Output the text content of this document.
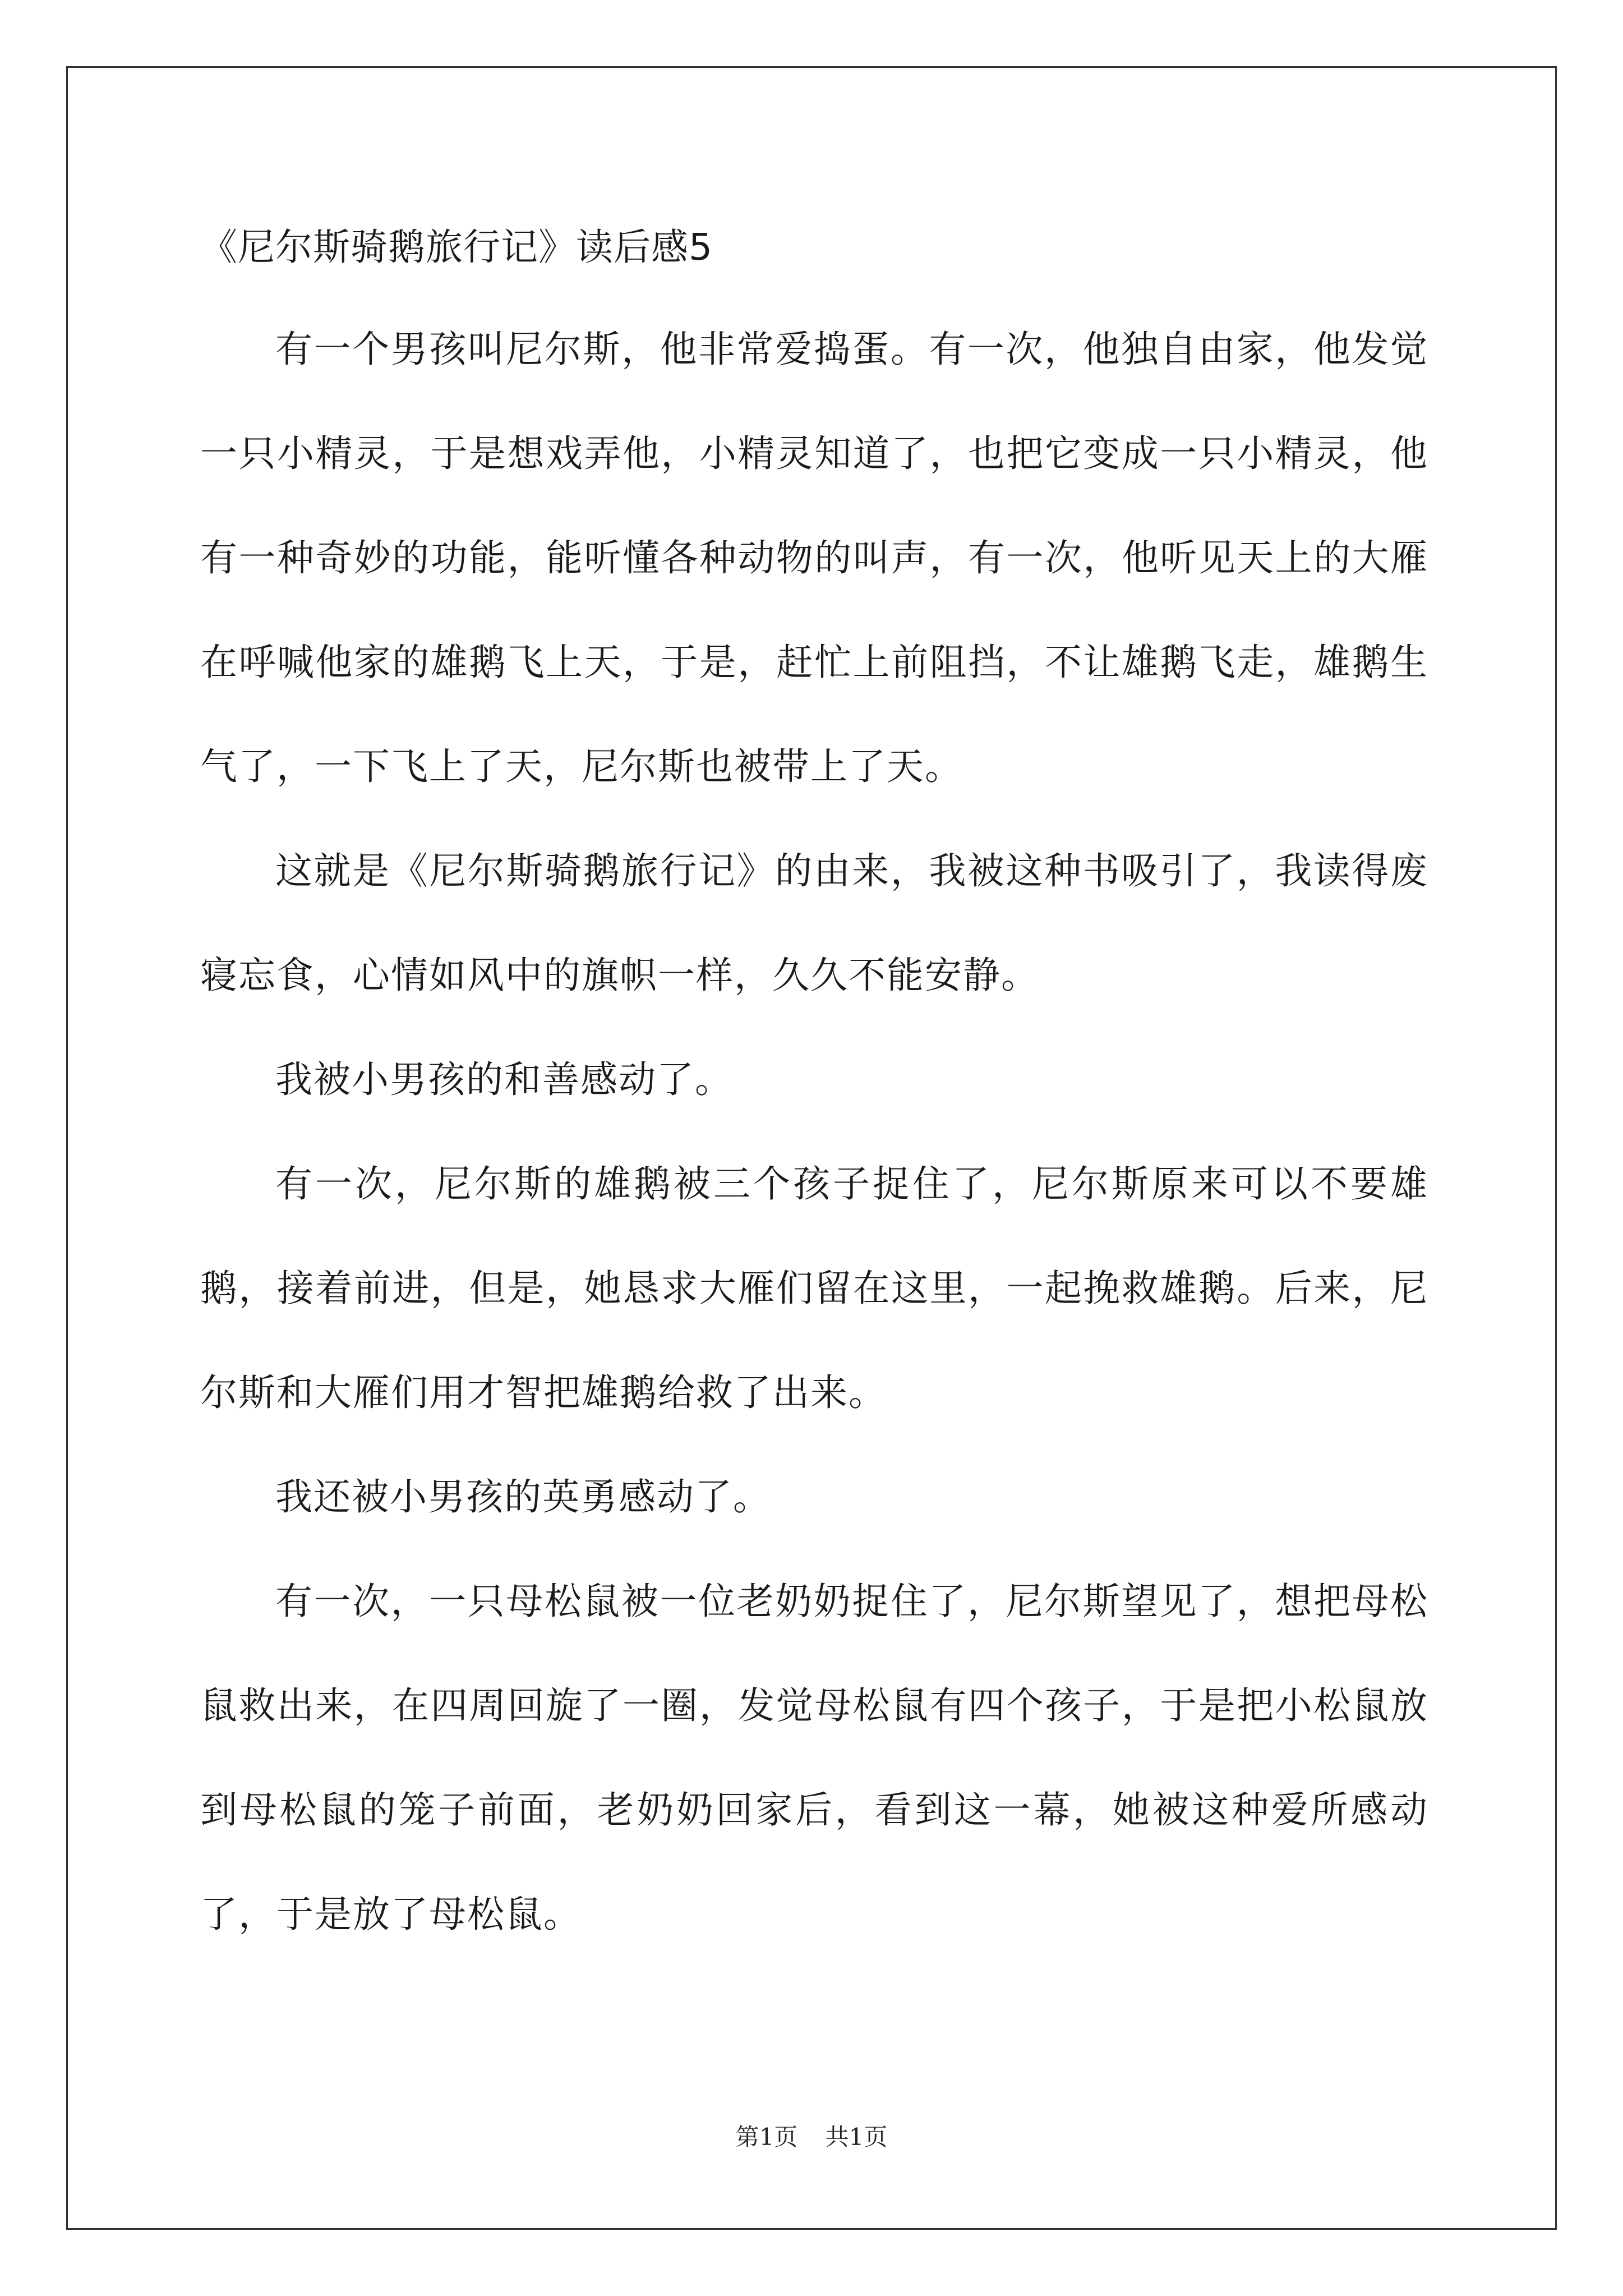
《尼尔斯骑鹅旅行记》读后感5

有一个男孩叫尼尔斯，他非常爱捣蛋。有一次，他独自由家，他发觉一只小精灵，于是想戏弄他，小精灵知道了，也把它变成一只小精灵，他有一种奇妙的功能，能听懂各种动物的叫声，有一次，他听见天上的大雁在呼喊他家的雄鹅飞上天，于是，赶忙上前阻挡，不让雄鹅飞走，雄鹅生气了，一下飞上了天，尼尔斯也被带上了天。

这就是《尼尔斯骑鹅旅行记》的由来，我被这种书吸引了，我读得废寝忘食，心情如风中的旗帜一样，久久不能安静。

我被小男孩的和善感动了。

有一次，尼尔斯的雄鹅被三个孩子捉住了，尼尔斯原来可以不要雄鹅，接着前进，但是，她恳求大雁们留在这里，一起挽救雄鹅。后来，尼尔斯和大雁们用才智把雄鹅给救了出来。

我还被小男孩的英勇感动了。

有一次，一只母松鼠被一位老奶奶捉住了，尼尔斯望见了，想把母松鼠救出来，在四周回旋了一圈，发觉母松鼠有四个孩子，于是把小松鼠放到母松鼠的笼子前面，老奶奶回家后，看到这一幕，她被这种爱所感动了，于是放了母松鼠。

第1页 共1页
